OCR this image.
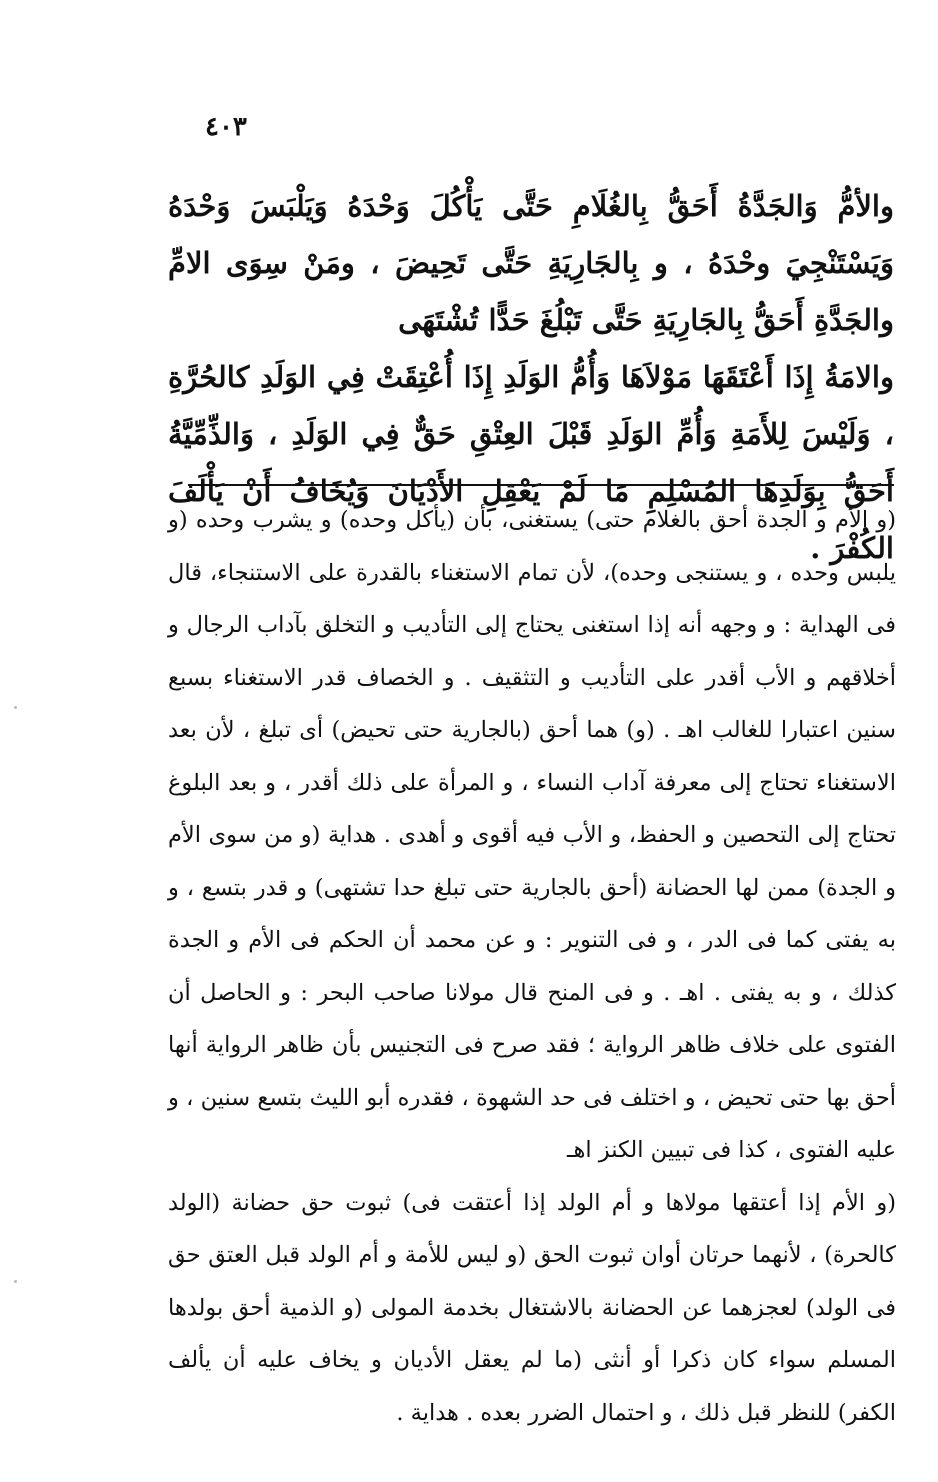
٤٠٣

والأمُّ وَالجَدَّةُ أَحَقُّ بِالغُلَامِ حَتَّى يَأْكُلَ وَحْدَهُ وَيَلْبَسَ وَحْدَهُ وَيَسْتَنْجِيَ وحْدَهُ ، و بِالجَارِيَةِ حَتَّى تَحِيضَ ، ومَنْ سِوَى الامِّ والجَدَّةِ أَحَقُّ بِالجَارِيَةِ حَتَّى تَبْلُغَ حَدًّا تُشْتَهَى

والامَةُ إِذَا أَعْتَقَهَا مَوْلاَهَا وَأُمُّ الوَلَدِ إِذَا أُعْتِقَتْ فِي الوَلَدِ كالحُرَّةِ ، وَلَيْسَ لِلأَمَةِ وَأُمِّ الوَلَدِ قَبْلَ العِتْقِ حَقٌّ فِي الوَلَدِ ، وَالذِّمِّيَّةُ أَحَقُّ بِوَلَدِهَا المُسْلِمِ مَا لَمْ يَعْقِلِ الأَدْيَانَ وَيُخَافُ أَنْ يَأْلَفَ الكُفْرَ .

(و الأم و الجدة أحق بالغلام حتى) يستغنى، بأن (يأكل وحده) و يشرب وحده (و يلبس وحده ، و يستنجى وحده)، لأن تمام الاستغناء بالقدرة على الاستنجاء، قال فى الهداية : و وجهه أنه إذا استغنى يحتاج إلى التأديب و التخلق بآداب الرجال و أخلاقهم و الأب أقدر على التأديب و التثقيف . و الخصاف قدر الاستغناء بسبع سنين اعتبارا للغالب اهـ . (و) هما أحق (بالجارية حتى تحيض) أى تبلغ ، لأن بعد الاستغناء تحتاج إلى معرفة آداب النساء ، و المرأة على ذلك أقدر ، و بعد البلوغ تحتاج إلى التحصين و الحفظ، و الأب فيه أقوى و أهدى . هداية (و من سوى الأم و الجدة) ممن لها الحضانة (أحق بالجارية حتى تبلغ حدا تشتهى) و قدر بتسع ، و به يفتى كما فى الدر ، و فى التنوير : و عن محمد أن الحكم فى الأم و الجدة كذلك ، و به يفتى . اهـ . و فى المنح قال مولانا صاحب البحر : و الحاصل أن الفتوى على خلاف ظاهر الرواية ؛ فقد صرح فى التجنيس بأن ظاهر الرواية أنها أحق بها حتى تحيض ، و اختلف فى حد الشهوة ، فقدره أبو الليث بتسع سنين ، و عليه الفتوى ، كذا فى تبيين الكنز اهـ

(و الأم إذا أعتقها مولاها و أم الولد إذا أعتقت فى) ثبوت حق حضانة (الولد كالحرة) ، لأنهما حرتان أوان ثبوت الحق (و ليس للأمة و أم الولد قبل العتق حق فى الولد) لعجزهما عن الحضانة بالاشتغال بخدمة المولى (و الذمية أحق بولدها المسلم سواء كان ذكرا أو أنثى (ما لم يعقل الأديان و يخاف عليه أن يألف الكفر) للنظر قبل ذلك ، و احتمال الضرر بعده . هداية .
